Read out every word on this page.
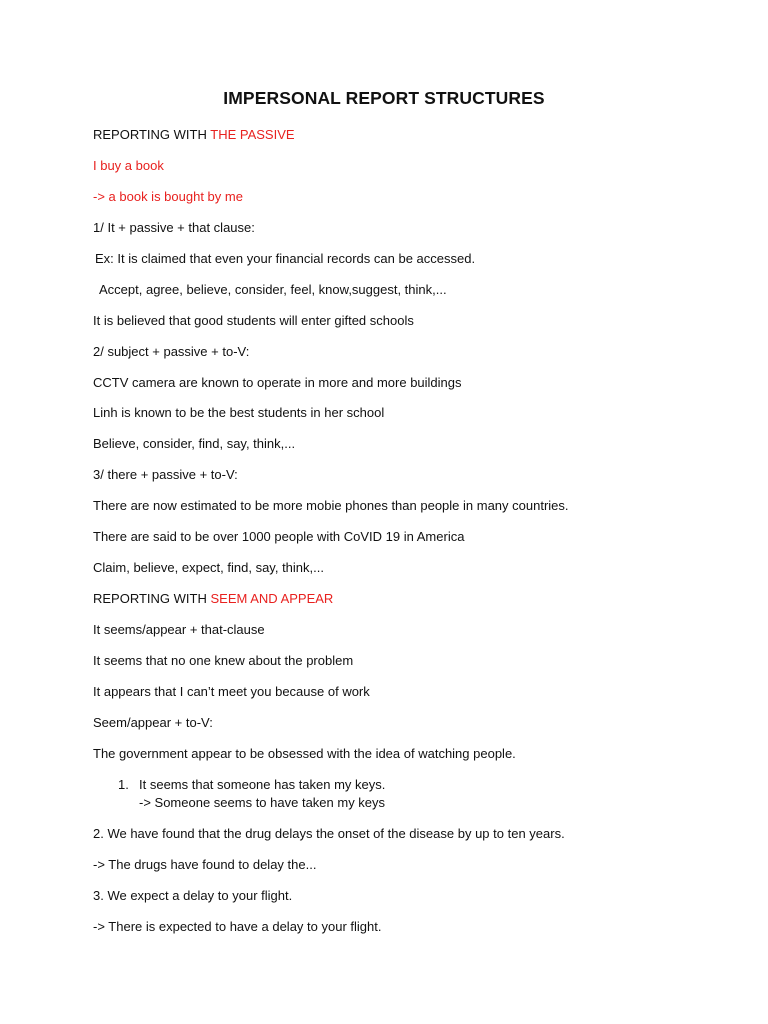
IMPERSONAL REPORT STRUCTURES
REPORTING WITH THE PASSIVE
I buy a book
-> a book is bought by me
1/ It + passive + that clause:
Ex: It is claimed that even your financial records can be accessed.
Accept, agree, believe, consider, feel, know,suggest, think,...
It is believed that good students will enter gifted schools
2/ subject + passive + to-V:
CCTV camera are known to operate in more and more buildings
Linh is known to be the best students in her school
Believe, consider, find, say, think,...
3/ there + passive + to-V:
There are now estimated to be more mobie phones than people in many countries.
There are said to be over 1000 people with CoVID 19 in America
Claim, believe, expect, find, say, think,...
REPORTING WITH SEEM AND APPEAR
It seems/appear + that-clause
It seems that no one knew about the problem
It appears that I can’t meet you because of work
Seem/appear + to-V:
The government appear to be obsessed with the idea of watching people.
1. It seems that someone has taken my keys.
-> Someone seems to have taken my keys
2. We have found that the drug delays the onset of the disease by up to ten years.
-> The drugs have found to delay the...
3. We expect a delay to your flight.
-> There is expected to have a delay to your flight.
